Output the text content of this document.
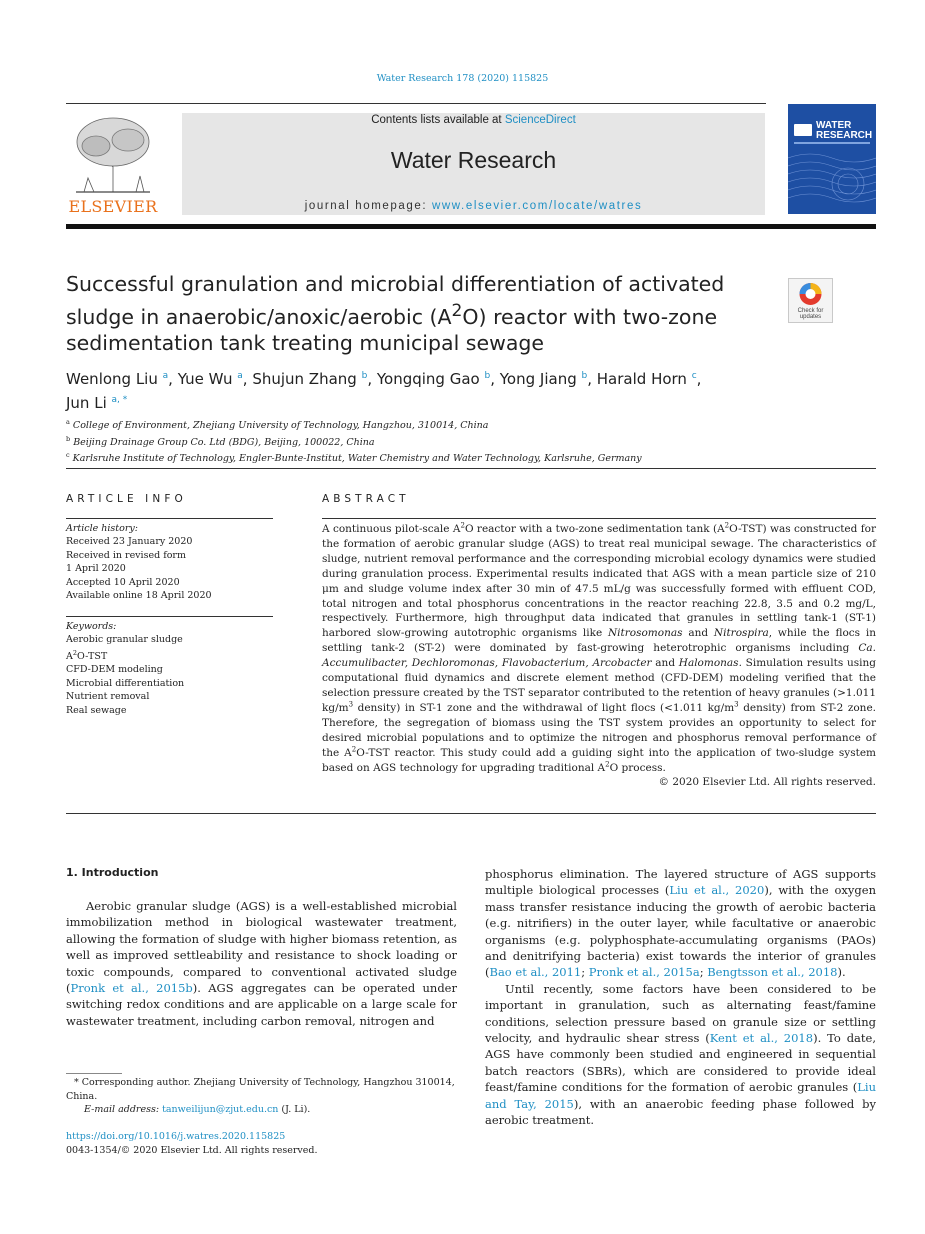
Water Research 178 (2020) 115825
ELSEVIER
Contents lists available at ScienceDirect
Water Research
journal homepage: www.elsevier.com/locate/watres
WATER
RESEARCH
Successful granulation and microbial differentiation of activated sludge in anaerobic/anoxic/aerobic $(A^2O)$ reactor with two-zone sedimentation tank treating municipal sewage
Check for
updates
Wenlong Liu $^a$, Yue Wu $^a$, Shujun Zhang $^b$, Yongqing Gao $^b$, Yong Jiang $^b$, Harald Horn $^c$,
Jun Li $^{a, *}$
$^a$ College of Environment, Zhejiang University of Technology, Hangzhou, 310014, China
$^b$ Beijing Drainage Group Co. Ltd (BDG), Beijing, 100022, China
$^c$ Karlsruhe Institute of Technology, Engler-Bunte-Institut, Water Chemistry and Water Technology, Karlsruhe, Germany
ARTICLE INFO
Article history:
Received 23 January 2020
Received in revised form
1 April 2020
Accepted 10 April 2020
Available online 18 April 2020
Keywords:
Aerobic granular sludge
$A^2O$-TST
CFD-DEM modeling
Microbial differentiation
Nutrient removal
Real sewage
ABSTRACT
A continuous pilot-scale $A^2O$ reactor with a two-zone sedimentation tank $(A^2O-TST)$ was constructed for the formation of aerobic granular sludge (AGS) to treat real municipal sewage. The characteristics of sludge, nutrient removal performance and the corresponding microbial ecology dynamics were studied during granulation process. Experimental results indicated that AGS with a mean particle size of 210 μm and sludge volume index after 30 min of 47.5 mL/g was successfully formed with effluent COD, total nitrogen and total phosphorus concentrations in the reactor reaching 22.8, 3.5 and 0.2 mg/L, respectively. Furthermore, high throughput data indicated that granules in settling tank-1 (ST-1) harbored slow-growing autotrophic organisms like Nitrosomonas and Nitrospira, while the flocs in settling tank-2 (ST-2) were dominated by fast-growing heterotrophic organisms including Ca. Accumulibacter, Dechloromonas, Flavobacterium, Arcobacter and Halomonas. Simulation results using computational fluid dynamics and discrete element method (CFD-DEM) modeling verified that the selection pressure created by the TST separator contributed to the retention of heavy granules (>1.011 $kg/m^3$ density) in ST-1 zone and the withdrawal of light flocs (<1.011 $kg/m^3$ density) from ST-2 zone. Therefore, the segregation of biomass using the TST system provides an opportunity to select for desired microbial populations and to optimize the nitrogen and phosphorus removal performance of the $A^2O$-TST reactor. This study could add a guiding sight into the application of two-sludge system based on AGS technology for upgrading traditional $A^2O$ process.
© 2020 Elsevier Ltd. All rights reserved.
1. Introduction
Aerobic granular sludge (AGS) is a well-established microbial immobilization method in biological wastewater treatment, allowing the formation of sludge with higher biomass retention, as well as improved settleability and resistance to shock loading or toxic compounds, compared to conventional activated sludge (Pronk et al., 2015b). AGS aggregates can be operated under switching redox conditions and are applicable on a large scale for wastewater treatment, including carbon removal, nitrogen and
phosphorus elimination. The layered structure of AGS supports multiple biological processes (Liu et al., 2020), with the oxygen mass transfer resistance inducing the growth of aerobic bacteria (e.g. nitrifiers) in the outer layer, while facultative or anaerobic organisms (e.g. polyphosphate-accumulating organisms (PAOs) and denitrifying bacteria) exist towards the interior of granules (Bao et al., 2011; Pronk et al., 2015a; Bengtsson et al., 2018).
Until recently, some factors have been considered to be important in granulation, such as alternating feast/famine conditions, selection pressure based on granule size or settling velocity, and hydraulic shear stress (Kent et al., 2018). To date, AGS have commonly been studied and engineered in sequential batch reactors (SBRs), which are considered to provide ideal feast/famine conditions for the formation of aerobic granules (Liu and Tay, 2015), with an anaerobic feeding phase followed by aerobic treatment.
* Corresponding author. Zhejiang University of Technology, Hangzhou 310014, China.
E-mail address: tanweilijun@zjut.edu.cn (J. Li).
https://doi.org/10.1016/j.watres.2020.115825
0043-1354/© 2020 Elsevier Ltd. All rights reserved.
